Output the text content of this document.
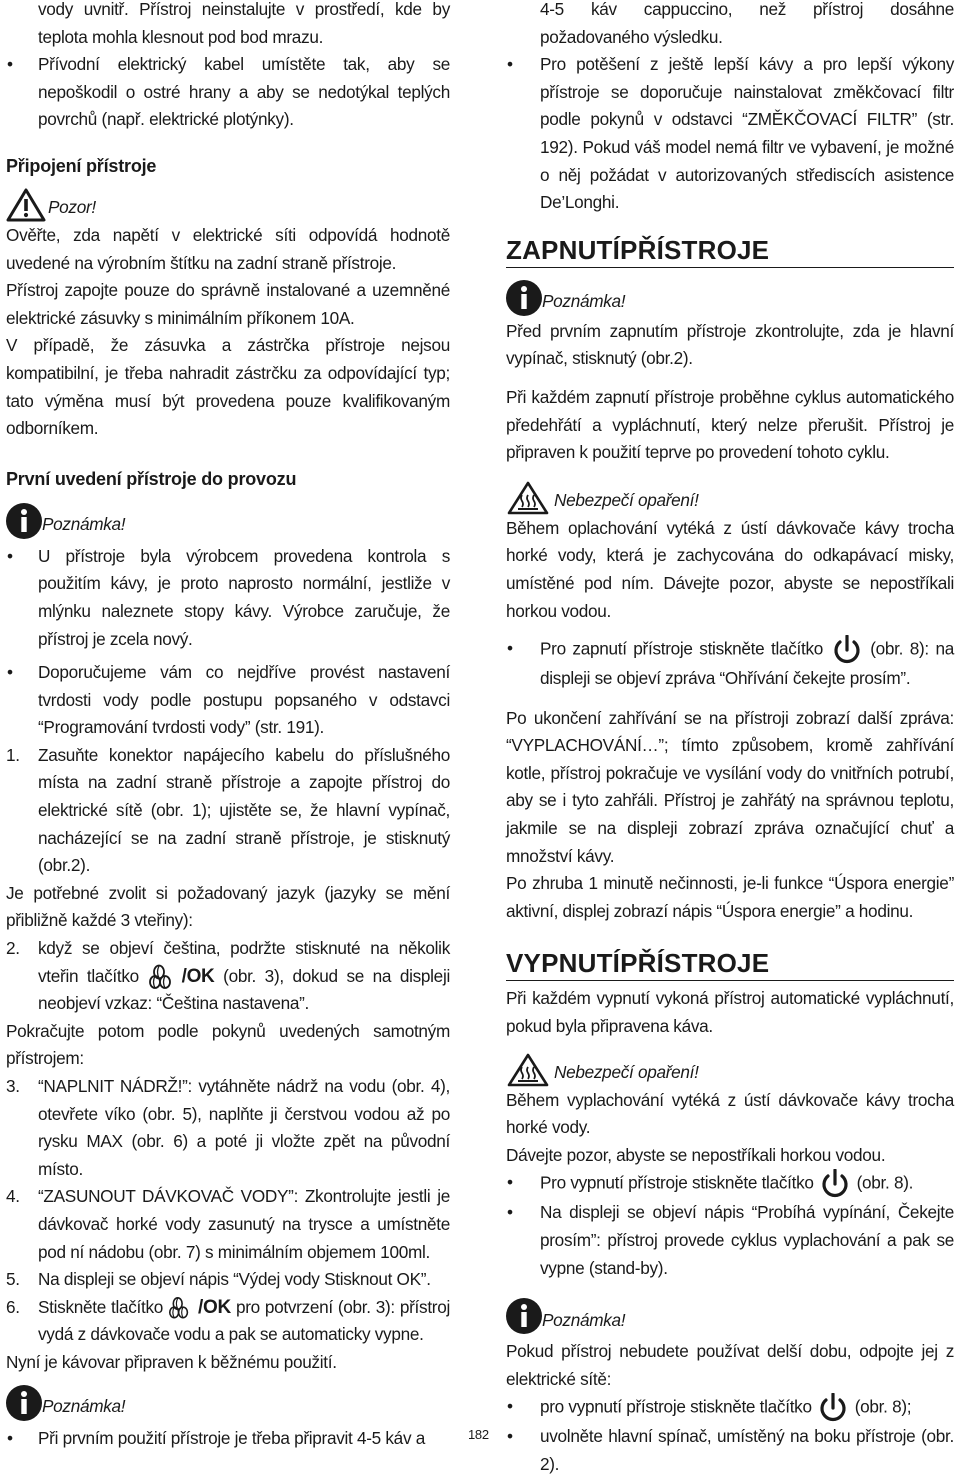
vody uvnitř. Přístroj neinstalujte v prostředí, kde by teplota mohla klesnout pod bod mrazu.

• Přívodní elektrický kabel umístěte tak, aby se nepoškodil o ostré hrany a aby se nedotýkal teplých povrchů (např. elektrické plotýnky).

Připojení přístroje
Pozor!

Ověřte, zda napětí v elektrické síti odpovídá hodnotě uvedené na výrobním štítku na zadní straně přístroje.

Přístroj zapojte pouze do správně instalované a uzemněné elektrické zásuvky s minimálním příkonem 10A.

V případě, že zásuvka a zástrčka přístroje nejsou kompatibilní, je třeba nahradit zástrčku za odpovídající typ; tato výměna musí být provedena pouze kvalifikovaným odborníkem.

První uvedení přístroje do provozu
Poznámka!

• U přístroje byla výrobcem provedena kontrola s použitím kávy, je proto naprosto normální, jestliže v mlýnku naleznete stopy kávy. Výrobce zaručuje, že přístroj je zcela nový.

• Doporučujeme vám co nejdříve provést nastavení tvrdosti vody podle postupu popsaného v odstavci “Programování tvrdosti vody” (str. 191).

1. Zasuňte konektor napájecího kabelu do příslušného místa na zadní straně přístroje a zapojte přístroj do elektrické sítě (obr. 1); ujistěte se, že hlavní vypínač, nacházející se na zadní straně přístroje, je stisknutý (obr.2).

Je potřebné zvolit si požadovaný jazyk (jazyky se mění přibližně každé 3 vteřiny):

2. když se objeví čeština, podržte stisknuté na několik vteřin tlačítko /OK (obr. 3), dokud se na displeji neobjeví vzkaz: “Čeština nastavena”.

Pokračujte potom podle pokynů uvedených samotným přístrojem:

3. “NAPLNIT NÁDRŽ!”: vytáhněte nádrž na vodu (obr. 4), otevřete víko (obr. 5), naplňte ji čerstvou vodou až po rysku MAX (obr. 6) a poté ji vložte zpět na původní místo.

4. “ZASUNOUT DÁVKOVAČ VODY”: Zkontrolujte jestli je dávkovač horké vody zasunutý na trysce a umístněte pod ní nádobu (obr. 7) s minimálním objemem 100ml.

5. Na displeji se objeví nápis “Výdej vody Stisknout OK”.

6. Stiskněte tlačítko /OK pro potvrzení (obr. 3): přístroj vydá z dávkovače vodu a pak se automaticky vypne.

Nyní je kávovar připraven k běžnému použití.

Poznámka!

• Při prvním použití přístroje je třeba připravit 4-5 káv a

4-5 káv cappuccino, než přístroj dosáhne požadovaného výsledku.

• Pro potěšení z ještě lepší kávy a pro lepší výkony přístroje se doporučuje nainstalovat změkčovací filtr podle pokynů v odstavci “ZMĚKČOVACÍ FILTR” (str. 192). Pokud váš model nemá filtr ve vybavení, je možné o něj požádat v autorizovaných střediscích asistence De’Longhi.

ZAPNUTÍPŘÍSTROJE
Poznámka!

Před prvním zapnutím přístroje zkontrolujte, zda je hlavní vypínač, stisknutý (obr.2).

Při každém zapnutí přístroje proběhne cyklus automatického předehřátí a vypláchnutí, který nelze přerušit. Přístroj je připraven k použití teprve po provedení tohoto cyklu.

Nebezpečí opaření!

Během oplachování vytéká z ústí dávkovače kávy trocha horké vody, která je zachycována do odkapávací misky, umístěné pod ním. Dávejte pozor, abyste se nepostříkali horkou vodou.

• Pro zapnutí přístroje stiskněte tlačítko	(obr. 8): na displeji se objeví zpráva “Ohřívání čekejte prosím”.

Po ukončení zahřívání se na přístroji zobrazí další zpráva: “VYPLACHOVÁNÍ…”; tímto způsobem, kromě zahřívání kotle, přístroj pokračuje ve vysílání vody do vnitřních potrubí, aby se i tyto zahřáli. Přístroj je zahřátý na správnou teplotu, jakmile se na displeji zobrazí zpráva označující chuť a množství kávy.

Po zhruba 1 minutě nečinnosti, je-li funkce “Úspora energie” aktivní, displej zobrazí nápis “Úspora energie” a hodinu.

VYPNUTÍPŘÍSTROJE

Při každém vypnutí vykoná přístroj automatické vypláchnutí, pokud byla připravena káva.

Nebezpečí opaření!

Během vyplachování vytéká z ústí dávkovače kávy trocha horké vody.

Dávejte pozor, abyste se nepostříkali horkou vodou.

• Pro vypnutí přístroje stiskněte tlačítko (obr. 8).

• Na displeji se objeví nápis “Probíhá vypínání, Čekejte prosím”: přístroj provede cyklus vyplachování a pak se vypne (stand-by).

Poznámka!

Pokud přístroj nebudete používat delší dobu, odpojte jej z elektrické sítě:

• pro vypnutí přístroje stiskněte tlačítko (obr. 8);

• uvolněte hlavní spínač, umístěný na boku přístroje (obr. 2).

182
